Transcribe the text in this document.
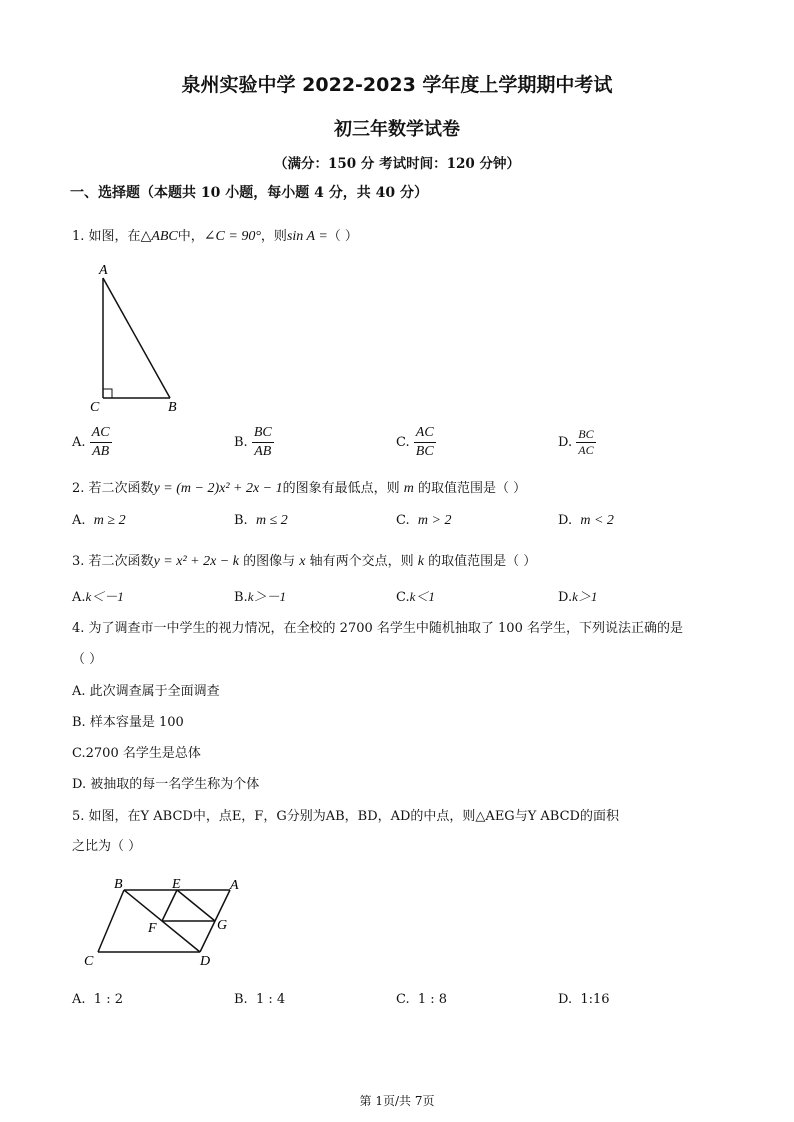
泉州实验中学 2022-2023 学年度上学期期中考试
初三年数学试卷
（满分：150 分 考试时间：120 分钟）
一、选择题（本题共 10 小题，每小题 4 分，共 40 分）
1. 如图，在△ABC中，∠C = 90°，则sin A =（ ）
A
C	B
A. $\frac{AC}{AB}$	B. $\frac{BC}{AB}$	C. $\frac{AC}{BC}$	D. $\frac{BC}{AC}$
2. 若二次函数y = (m − 2)x² + 2x − 1的图象有最低点，则 m 的取值范围是（ ）
A. m ≥ 2	B. m ≤ 2	C. m > 2	D. m < 2
3. 若二次函数y = x² + 2x − k 的图像与 x 轴有两个交点，则 k 的取值范围是（ ）
A.k＜－1	B.k＞－1	C.k＜1	D.k＞1
4. 为了调查市一中学生的视力情况，在全校的 2700 名学生中随机抽取了 100 名学生，下列说法正确的是
（ ）
A. 此次调查属于全面调查
B. 样本容量是 100
C.2700 名学生是总体
D. 被抽取的每一名学生称为个体
5. 如图，在Y ABCD中，点E，F，G分别为AB，BD，AD的中点，则△AEG与Y ABCD的面积
之比为（ ）
B	E	A
F	G
C	D
A. 1 : 2	B. 1 : 4	C. 1 : 8	D. 1:16
第 1页/共 7页
